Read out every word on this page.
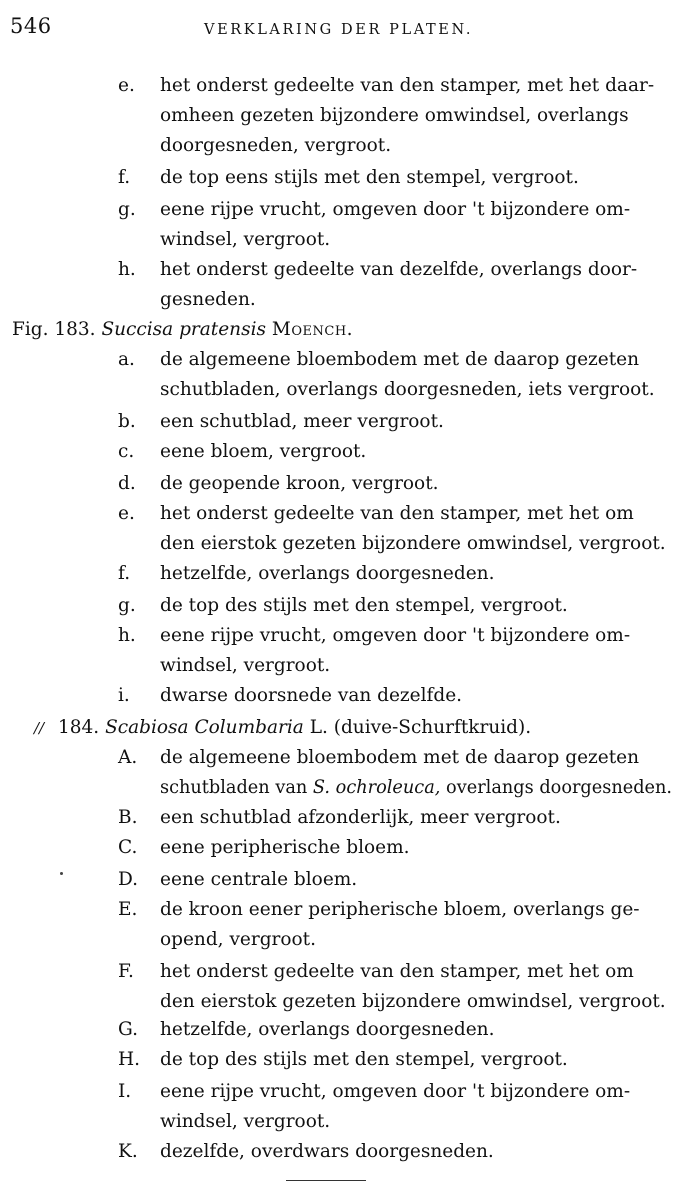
546	VERKLARING DER PLATEN.
e. het onderst gedeelte van den stamper, met het daar-
omheen gezeten bijzondere omwindsel, overlangs
doorgesneden, vergroot.
f. de top eens stijls met den stempel, vergroot.
g. eene rijpe vrucht, omgeven door 't bijzondere om-
windsel, vergroot.
h. het onderst gedeelte van dezelfde, overlangs door-
gesneden.
Fig. 183. Succisa pratensis Moench.
a. de algemeene bloembodem met de daarop gezeten
schutbladen, overlangs doorgesneden, iets vergroot.
b. een schutblad, meer vergroot.
c. eene bloem, vergroot.
d. de geopende kroon, vergroot.
e. het onderst gedeelte van den stamper, met het om
den eierstok gezeten bijzondere omwindsel, vergroot.
f. hetzelfde, overlangs doorgesneden.
g. de top des stijls met den stempel, vergroot.
h. eene rijpe vrucht, omgeven door 't bijzondere om-
windsel, vergroot.
i. dwarse doorsnede van dezelfde.
// 184. Scabiosa Columbaria L. (duive-Schurftkruid).
A. de algemeene bloembodem met de daarop gezeten
schutbladen van S. ochroleuca, overlangs doorgesneden.
B. een schutblad afzonderlijk, meer vergroot.
C. eene peripherische bloem.
D. eene centrale bloem.
E. de kroon eener peripherische bloem, overlangs ge-
opend, vergroot.
F. het onderst gedeelte van den stamper, met het om
den eierstok gezeten bijzondere omwindsel, vergroot.
G. hetzelfde, overlangs doorgesneden.
H. de top des stijls met den stempel, vergroot.
I. eene rijpe vrucht, omgeven door 't bijzondere om-
windsel, vergroot.
K. dezelfde, overdwars doorgesneden.
